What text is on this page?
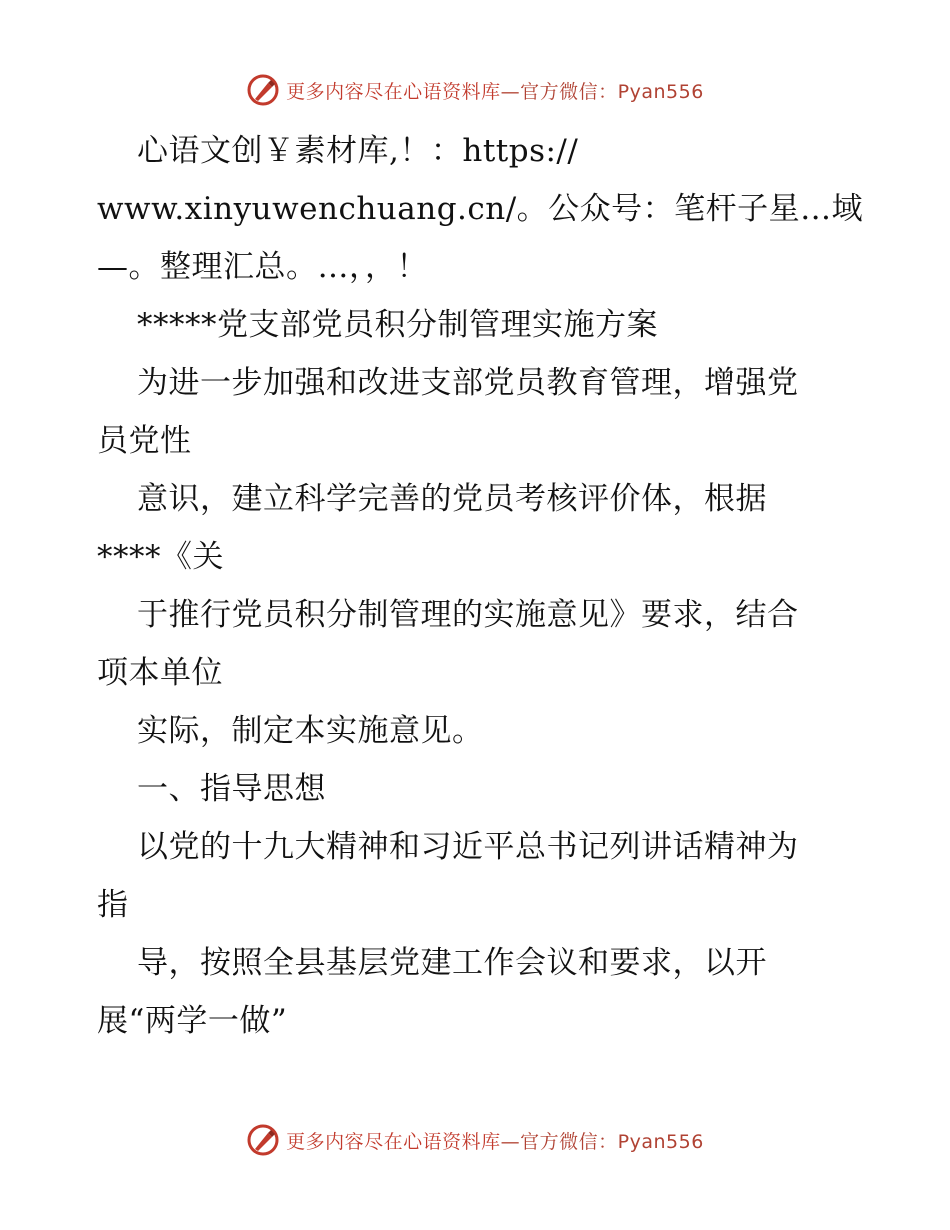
更多内容尽在心语资料库—官方微信：Pyan556
心语文创￥素材库,！：https://
www.xinyuwenchuang.cn/。公众号：笔杆子星…域
—。整理汇总。…，，！
*****党支部党员积分制管理实施方案
为进一步加强和改进支部党员教育管理，增强党
员党性
意识，建立科学完善的党员考核评价体，根据
****《关
于推行党员积分制管理的实施意见》要求，结合
项本单位
实际，制定本实施意见。
一、指导思想
以党的十九大精神和习近平总书记列讲话精神为
指
导，按照全县基层党建工作会议和要求，以开
展“两学一做”
更多内容尽在心语资料库—官方微信：Pyan556
